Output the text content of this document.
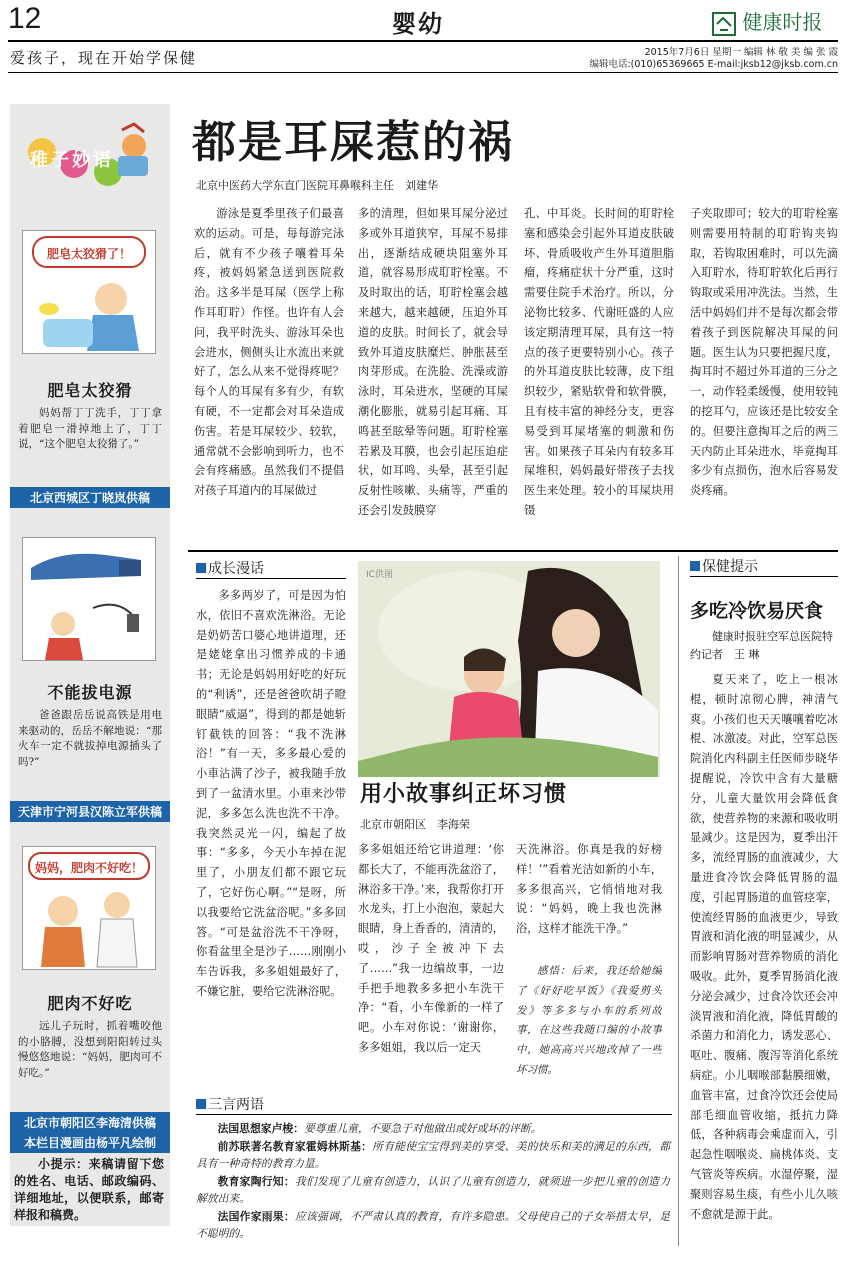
12	婴幼	健康时报
爱孩子，现在开始学保健	2015年7月6日 星期一 编辑 林 敬 美 编 张 霞
编辑电话:(010)65369665 E-mail:jksb12@jksb.com.cn
稚子妙语
肥皂太狡猾了！
肥皂太狡猾
妈妈帮丁丁洗手，丁丁拿着肥皂一滑掉地上了，丁丁说，“这个肥皂太狡猾了。”
北京西城区丁晓岚供稿
不能拔电源
爸爸跟岳岳说高铁是用电来驱动的，岳岳不解地说：“那火车一定不就拔掉电源插头了吗?”
天津市宁河县汉陈立军供稿
妈妈，肥肉不好吃！
肥肉不好吃
远儿子玩时，抓着嘴咬他的小胳膊，没想到阳阳转过头慢悠悠地说：“妈妈，肥肉可不好吃。”
北京市朝阳区李海清供稿
本栏目漫画由杨平凡绘制
小提示：来稿请留下您的姓名、电话、邮政编码、详细地址，以便联系，邮寄样报和稿费。
都是耳屎惹的祸
北京中医药大学东直门医院耳鼻喉科主任　刘建华
游泳是夏季里孩子们最喜欢的运动。可是，每每游完泳后，就有不少孩子嚷着耳朵疼，被妈妈紧急送到医院救治。这多半是耳屎（医学上称作耳耵聍）作怪。也许有人会问，我平时洗头、游泳耳朵也会进水，侧侧头让水流出来就好了，怎么从来不觉得疼呢？每个人的耳屎有多有少，有软有硬，不一定都会对耳朵造成伤害。若是耳屎较少、较软，通常就不会影响到听力，也不会有疼痛感。虽然我们不提倡对孩子耳道内的耳屎做过
多的清理，但如果耳屎分泌过多或外耳道狭窄，耳屎不易排出，逐渐结成硬块阻塞外耳道，就容易形成耵聍栓塞。不及时取出的话，耵聍栓塞会越来越大，越来越硬，压迫外耳道的皮肤。时间长了，就会导致外耳道皮肤糜烂、肿胀甚至肉芽形成。在洗脸、洗澡或游泳时，耳朵进水，坚硬的耳屎潮化膨胀，就易引起耳痛、耳鸣甚至眩晕等问题。耵聍栓塞若累及耳膜，也会引起压迫症状，如耳鸣、头晕，甚至引起反射性咳嗽、头痛等，严重的还会引发鼓膜穿
孔、中耳炎。长时间的耵聍栓塞和感染会引起外耳道皮肤破坏、骨质吸收产生外耳道胆脂瘤，疼痛症状十分严重，这时需要住院手术治疗。所以，分泌物比较多、代谢旺盛的人应该定期清理耳屎，具有这一特点的孩子更要特别小心。孩子的外耳道皮肤比较薄，皮下组织较少，紧贴软骨和软骨膜，且有枝丰富的神经分支，更容易受到耳屎堵塞的刺激和伤害。如果孩子耳朵内有较多耳屎堆积，妈妈最好带孩子去找医生来处理。较小的耳屎块用镊
子夹取即可；较大的耵聍栓塞则需要用特制的耵聍钩夹钩取，若钩取困难时，可以先滴入耵聍水，待耵聍软化后再行钩取或采用冲洗法。当然，生活中妈妈们并不是每次都会带着孩子到医院解决耳屎的问题。医生认为只要把握尺度，掏耳时不超过外耳道的三分之一，动作轻柔缓慢，使用较钝的挖耳勺，应该还是比较安全的。但要注意掏耳之后的两三天内防止耳朵进水，毕竟掏耳多少有点损伤，泡水后容易发炎疼痛。
成长漫话
多多两岁了，可是因为怕水，依旧不喜欢洗淋浴。无论是奶奶苦口婆心地讲道理，还是姥姥拿出习惯养成的卡通书；无论是妈妈用好吃的好玩的“利诱”，还是爸爸吹胡子瞪眼睛“威逼”，得到的都是她斩钉截铁的回答：“我不洗淋浴！”有一天，多多最心爱的小車沾满了沙子，被我随手放到了一盆清水里。小車来沙带泥，多多怎么洗也洗不干净。我突然灵光一闪，编起了故事：“多多，今天小车掉在泥里了，小朋友们都不跟它玩了，它好伤心啊。”“是呀，所以我要给它洗盆浴呢。”多多回答。“可是盆浴洗不干净呀，你看盆里全是沙子……刚刚小车告诉我，多多姐姐最好了，不嫌它脏，要给它洗淋浴呢。
IC供图
用小故事纠正坏习惯
北京市朝阳区　李海荣
多多姐姐还给它讲道理：‘你都长大了，不能再洗盆浴了，淋浴多干净。’来，我帮你打开水龙头，打上小泡泡，蒙起大眼睛，身上香香的，清清的，哎，沙子全被冲下去了……”我一边编故事，一边手把手地教多多把小车洗干净：“看，小车像新的一样了吧。小车对你说：‘谢谢你，多多姐姐，我以后一定天
天洗淋浴。你真是我的好榜样！’”看着光洁如新的小车，多多很高兴，它悄悄地对我说：“妈妈，晚上我也洗淋浴，这样才能洗干净。”
感悟：后来，我还给她编了《好好吃早饭》《我爱剪头发》等多多与小车的系列故事，在这些我随口编的小故事中，她高高兴兴地改掉了一些坏习惯。
保健提示
多吃冷饮易厌食
健康时报驻空军总医院特约记者　王 琳
夏天来了，吃上一根冰棍，顿时凉彻心脾，神清气爽。小孩们也天天嚷嚷着吃冰棍、冰激凌。对此，空军总医院消化内科副主任医师步晓华提醒说，冷饮中含有大量糖分，儿童大量饮用会降低食欲，使营养物的来源和吸收明显减少。这是因为，夏季出汗多，流经胃肠的血液减少，大量进食冷饮会降低胃肠的温度，引起胃肠道的血管痉挛，使流经胃肠的血液更少，导致胃液和消化液的明显减少，从而影响胃肠对营养物质的消化吸收。此外，夏季胃肠消化液分泌会减少，过食冷饮还会冲淡胃液和消化液，降低胃酸的杀菌力和消化力，诱发恶心、呕吐、腹痛、腹泻等消化系统病症。小儿咽喉部黏膜细嫩，血管丰富，过食冷饮还会使局部毛细血管收缩，抵抗力降低，各种病毒会乘虚而入，引起急性咽喉炎、扁桃体炎、支气管炎等疾病。水湿停聚，湿聚则容易生痰，有些小儿久咳不愈就是源于此。
三言两语
法国思想家卢梭：要尊重儿童，不要急于对他做出或好或坏的评断。
前苏联著名教育家霍姆林斯基：所有能使宝宝得到美的享受、美的快乐和美的满足的东西，都具有一种奇特的教育力量。
教育家陶行知：我们发现了儿童有创造力，认识了儿童有创造力，就须进一步把儿童的创造力解放出来。
法国作家雨果：应该强调，不严肃认真的教育，有许多隐患。父母使自己的子女举措太早，是不聪明的。
